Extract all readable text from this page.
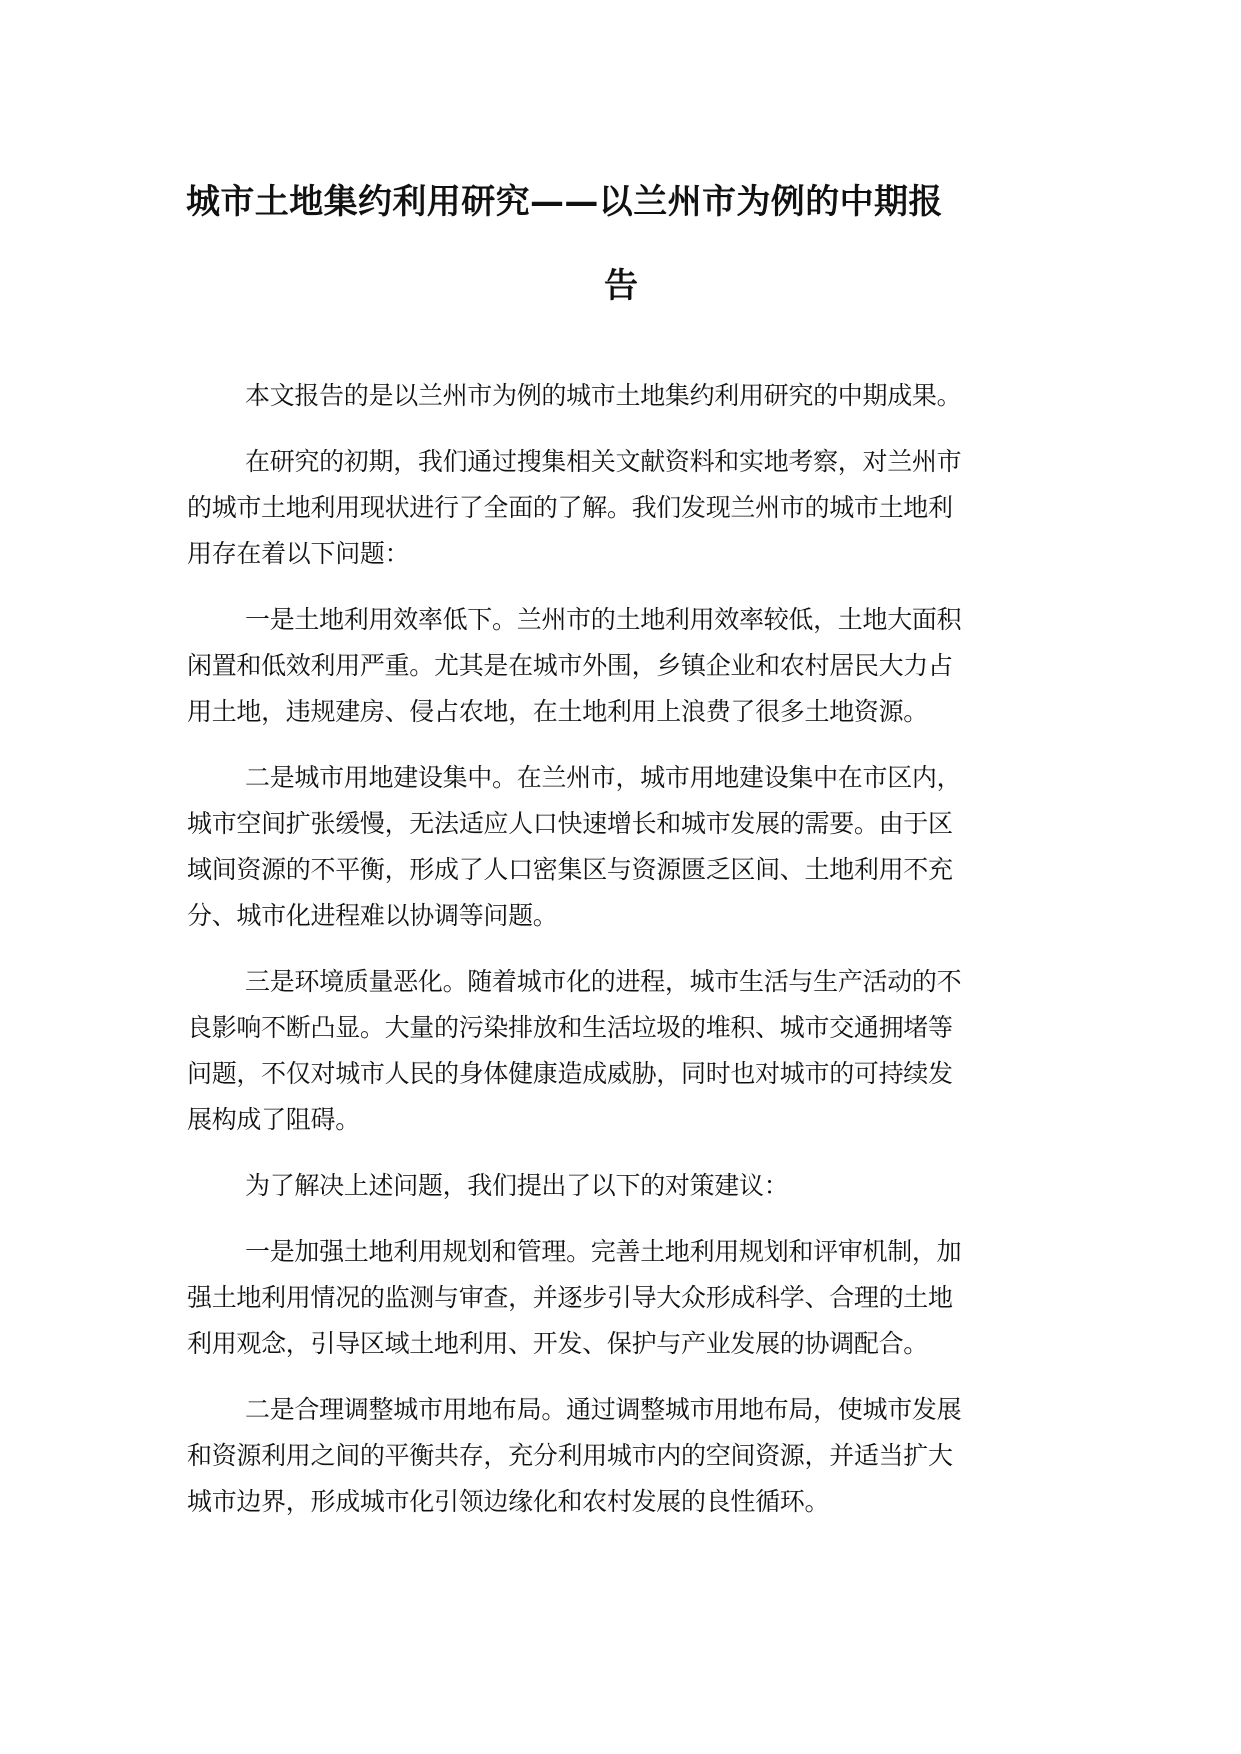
城市土地集约利用研究——以兰州市为例的中期报
告
本文报告的是以兰州市为例的城市土地集约利用研究的中期成果。
在研究的初期，我们通过搜集相关文献资料和实地考察，对兰州市
的城市土地利用现状进行了全面的了解。我们发现兰州市的城市土地利
用存在着以下问题：
一是土地利用效率低下。兰州市的土地利用效率较低，土地大面积
闲置和低效利用严重。尤其是在城市外围，乡镇企业和农村居民大力占
用土地，违规建房、侵占农地，在土地利用上浪费了很多土地资源。
二是城市用地建设集中。在兰州市，城市用地建设集中在市区内，
城市空间扩张缓慢，无法适应人口快速增长和城市发展的需要。由于区
域间资源的不平衡，形成了人口密集区与资源匮乏区间、土地利用不充
分、城市化进程难以协调等问题。
三是环境质量恶化。随着城市化的进程，城市生活与生产活动的不
良影响不断凸显。大量的污染排放和生活垃圾的堆积、城市交通拥堵等
问题，不仅对城市人民的身体健康造成威胁，同时也对城市的可持续发
展构成了阻碍。
为了解决上述问题，我们提出了以下的对策建议：
一是加强土地利用规划和管理。完善土地利用规划和评审机制，加
强土地利用情况的监测与审查，并逐步引导大众形成科学、合理的土地
利用观念，引导区域土地利用、开发、保护与产业发展的协调配合。
二是合理调整城市用地布局。通过调整城市用地布局，使城市发展
和资源利用之间的平衡共存，充分利用城市内的空间资源，并适当扩大
城市边界，形成城市化引领边缘化和农村发展的良性循环。
